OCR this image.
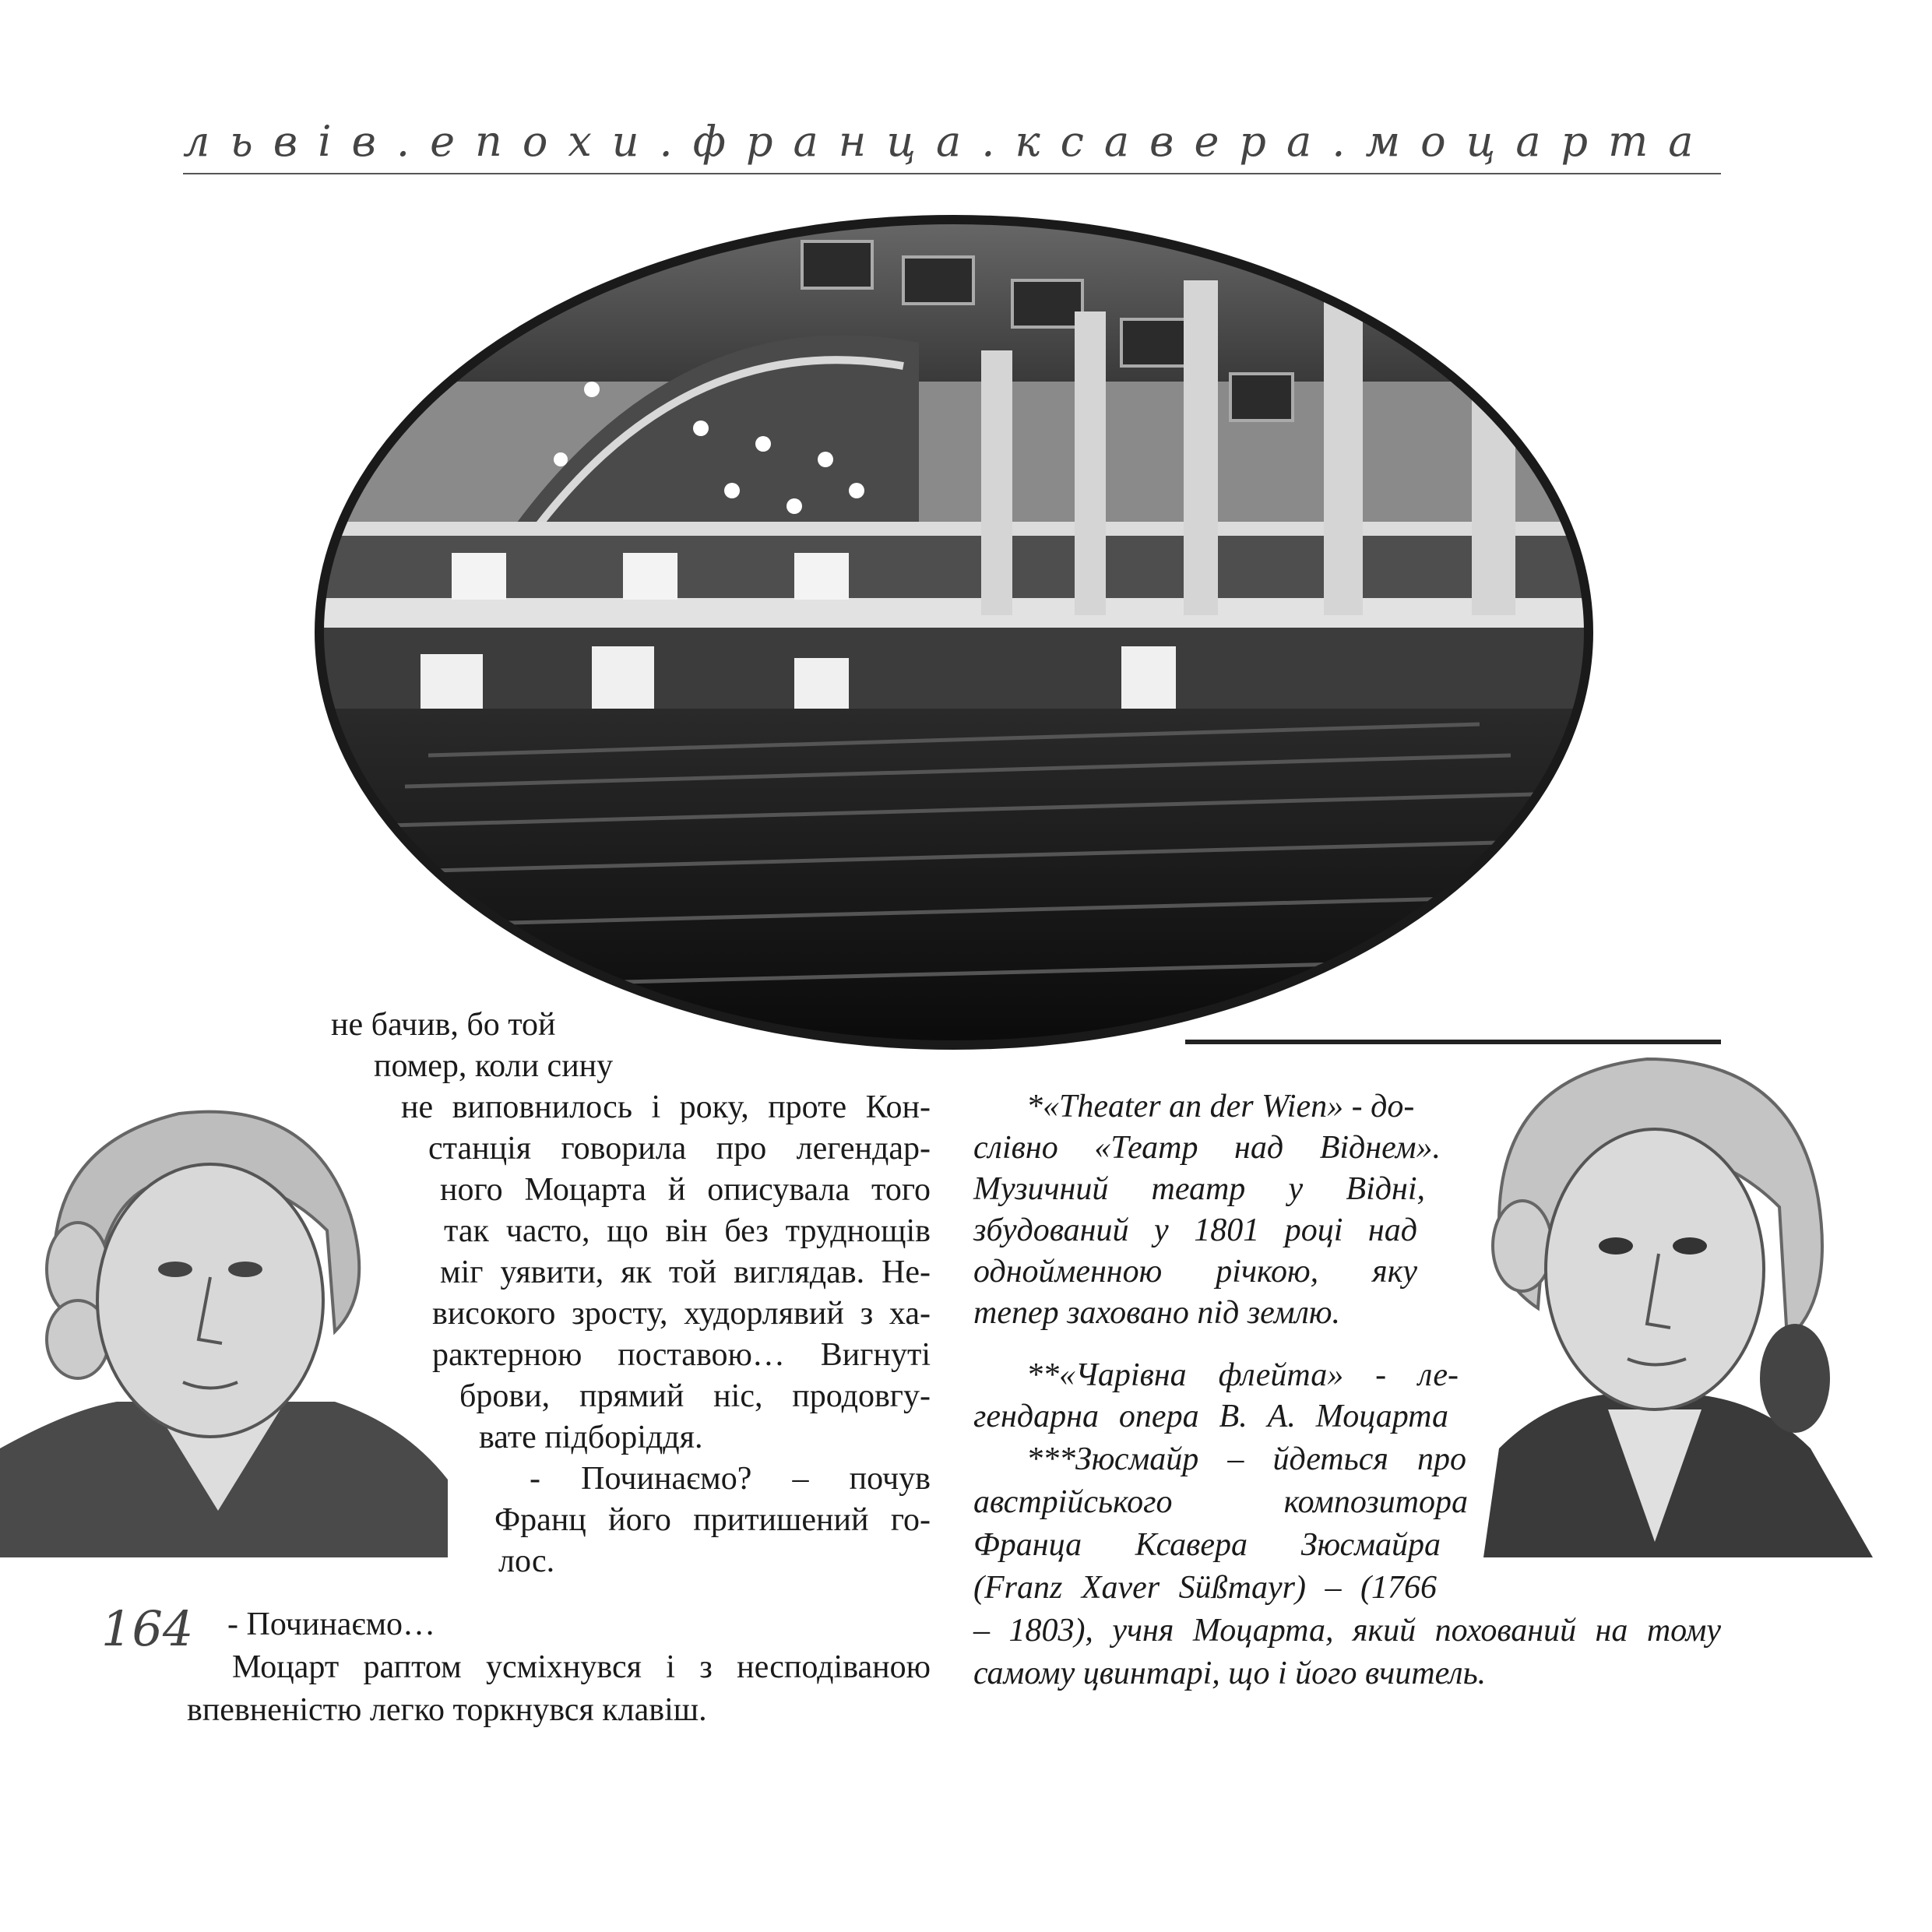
львів.епохи.франца.ксавера.моцарта
не бачив, бо той
помер, коли сину
не виповнилось і року, проте Кон-
станція говорила про легендар-
ного Моцарта й описувала того
так часто, що він без труднощів
міг уявити, як той виглядав. Не-
високого зросту, худорлявий з ха-
рактерною поставою… Вигнуті
брови, прямий ніс, продовгу-
вате підборіддя.
- Починаємо? – почув
Франц його притишений го-
лос.
- Починаємо…
Моцарт раптом усміхнувся і з несподіваною
впевненістю легко торкнувся клавіш.
*«Theater an der Wien» - до-
слівно «Театр над Віднем».
Музичний театр у Відні,
збудований у 1801 році над
однойменною річкою, яку
тепер заховано під землю.
**«Чарівна флейта» - ле-
гендарна опера В. А. Моцарта
***Зюсмайр – йдеться про
австрійського композитора
Франца Ксавера Зюсмайра
(Franz Xaver Süßmayr) – (1766
– 1803), учня Моцарта, який похований на тому
самому цвинтарі, що і його вчитель.
164
